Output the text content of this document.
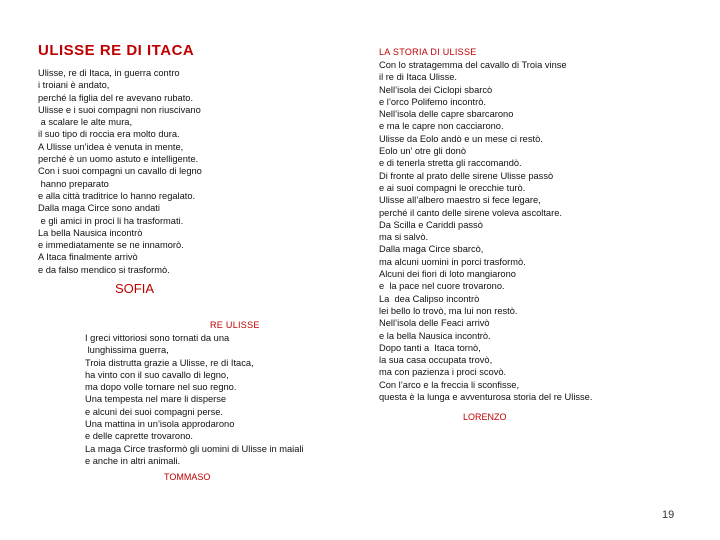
ULISSE RE DI ITACA
Ulisse, re di Itaca, in guerra contro
i troiani è andato,
perché la figlia del re avevano rubato.
Ulisse e i suoi compagni non riuscivano
a scalare le alte mura,
il suo tipo di roccia era molto dura.
A Ulisse un’idea è venuta in mente,
perché è un uomo astuto e intelligente.
Con i suoi compagni un cavallo di legno
hanno preparato
e alla città traditrice lo hanno regalato.
Dalla maga Circe sono andati
e gli amici in proci li ha trasformati.
La bella Nausica incontrò
e immediatamente se ne innamorò.
A Itaca finalmente arrivò
e da falso mendico si trasformò.
SOFIA
RE ULISSE
I greci vittoriosi sono tornati da una
lunghissima guerra,
Troia distrutta grazie a Ulisse, re di Itaca,
ha vinto con il suo cavallo di legno,
ma dopo volle tornare nel suo regno.
Una tempesta nel mare li disperse
e alcuni dei suoi compagni perse.
Una mattina in un’isola approdarono
e delle caprette trovarono.
La maga Circe trasformò gli uomini di Ulisse in maiali
e anche in altri animali.
TOMMASO
LA STORIA DI ULISSE
Con lo stratagemma del cavallo di Troia vinse
il re di Itaca Ulisse.
Nell’isola dei Ciclopi sbarcò
e l’orco Polifemo incontrò.
Nell’isola delle capre sbarcarono
e ma le capre non cacciarono.
Ulisse da Eolo andò e un mese ci restò.
Eolo un’ otre gli donò
e di tenerla stretta gli raccomandò.
Di fronte al prato delle sirene Ulisse passò
e ai suoi compagni le orecchie turò.
Ulisse all’albero maestro si fece legare,
perché il canto delle sirene voleva ascoltare.
Da Scilla e Cariddi passò
ma si salvò.
Dalla maga Circe sbarcò,
ma alcuni uomini in porci trasformò.
Alcuni dei fiori di loto mangiarono
e  la pace nel cuore trovarono.
La  dea Calipso incontrò
lei bello lo trovò, ma lui non restò.
Nell’isola delle Feaci arrivò
e la bella Nausica incontrò.
Dopo tanti a  Itaca tornò,
la sua casa occupata trovò,
ma con pazienza i proci scovò.
Con l’arco e la freccia li sconfisse,
questa è la lunga e avventurosa storia del re Ulisse.
LORENZO
19
